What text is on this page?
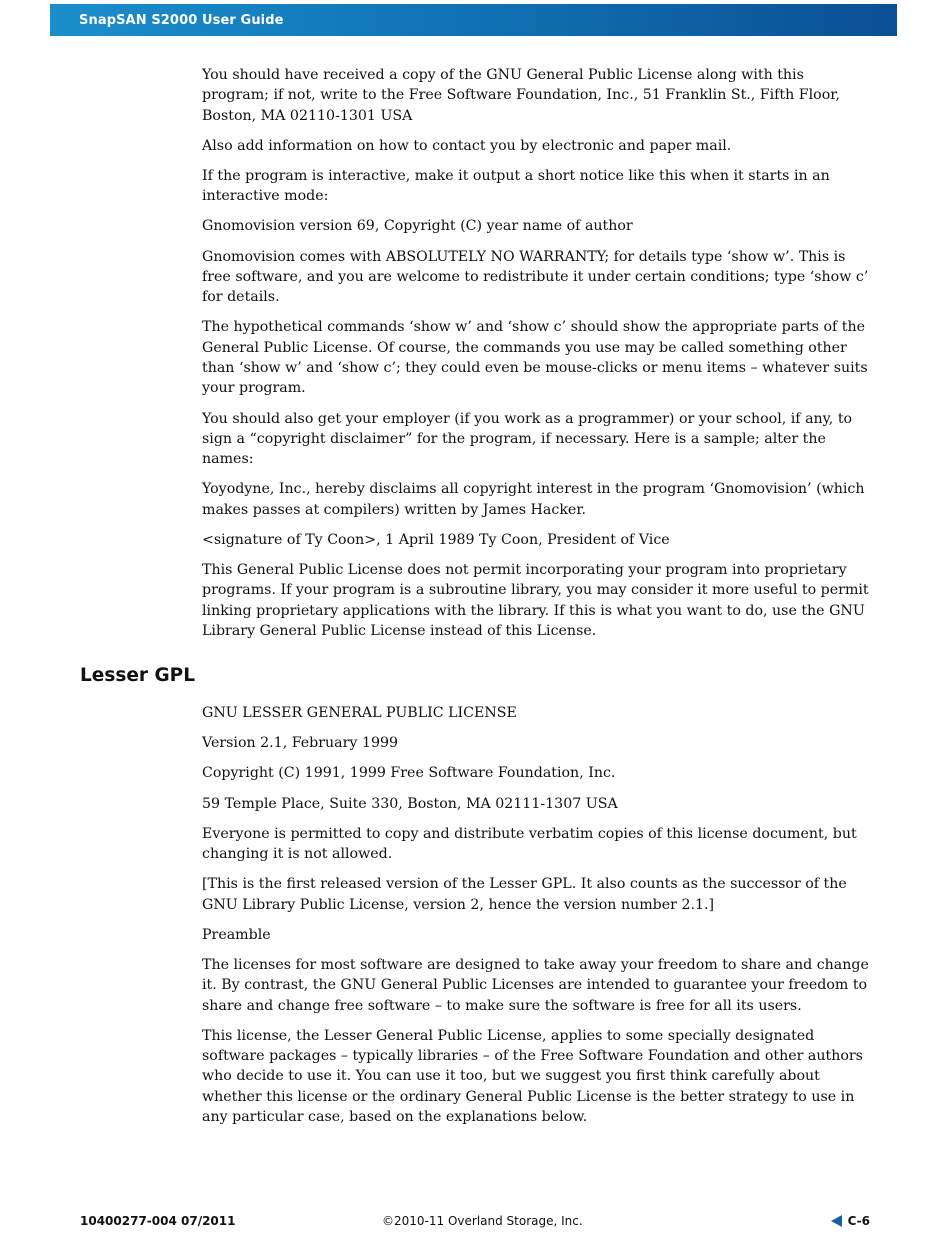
SnapSAN S2000 User Guide

You should have received a copy of the GNU General Public License along with this program; if not, write to the Free Software Foundation, Inc., 51 Franklin St., Fifth Floor, Boston, MA 02110-1301 USA

Also add information on how to contact you by electronic and paper mail.

If the program is interactive, make it output a short notice like this when it starts in an interactive mode:

Gnomovision version 69, Copyright (C) year name of author

Gnomovision comes with ABSOLUTELY NO WARRANTY; for details type ‘show w’. This is free software, and you are welcome to redistribute it under certain conditions; type ‘show c’ for details.

The hypothetical commands ‘show w’ and ‘show c’ should show the appropriate parts of the General Public License. Of course, the commands you use may be called something other than ‘show w’ and ‘show c’; they could even be mouse-clicks or menu items – whatever suits your program.

You should also get your employer (if you work as a programmer) or your school, if any, to sign a “copyright disclaimer” for the program, if necessary. Here is a sample; alter the names:

Yoyodyne, Inc., hereby disclaims all copyright interest in the program ‘Gnomovision’ (which makes passes at compilers) written by James Hacker.

<signature of Ty Coon>, 1 April 1989 Ty Coon, President of Vice

This General Public License does not permit incorporating your program into proprietary programs. If your program is a subroutine library, you may consider it more useful to permit linking proprietary applications with the library. If this is what you want to do, use the GNU Library General Public License instead of this License.

Lesser GPL

GNU LESSER GENERAL PUBLIC LICENSE

Version 2.1, February 1999

Copyright (C) 1991, 1999 Free Software Foundation, Inc.

59 Temple Place, Suite 330, Boston, MA 02111-1307 USA

Everyone is permitted to copy and distribute verbatim copies of this license document, but changing it is not allowed.

[This is the first released version of the Lesser GPL. It also counts as the successor of the GNU Library Public License, version 2, hence the version number 2.1.]

Preamble

The licenses for most software are designed to take away your freedom to share and change it. By contrast, the GNU General Public Licenses are intended to guarantee your freedom to share and change free software – to make sure the software is free for all its users.

This license, the Lesser General Public License, applies to some specially designated software packages – typically libraries – of the Free Software Foundation and other authors who decide to use it. You can use it too, but we suggest you first think carefully about whether this license or the ordinary General Public License is the better strategy to use in any particular case, based on the explanations below.

10400277-004 07/2011	©2010-11 Overland Storage, Inc.	C-6
